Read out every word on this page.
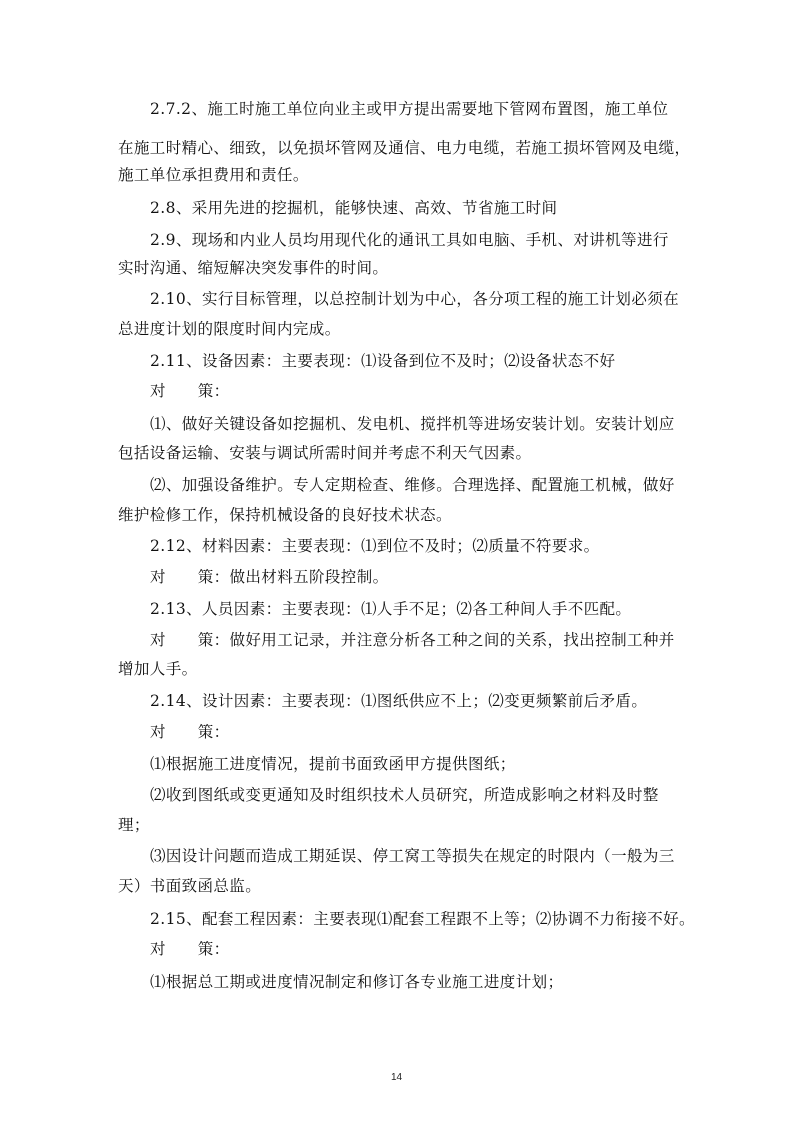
2.7.2、施工时施工单位向业主或甲方提出需要地下管网布置图，施工单位
在施工时精心、细致，以免损坏管网及通信、电力电缆，若施工损坏管网及电缆，
施工单位承担费用和责任。
2.8、采用先进的挖掘机，能够快速、高效、节省施工时间
2.9、现场和内业人员均用现代化的通讯工具如电脑、手机、对讲机等进行
实时沟通、缩短解决突发事件的时间。
2.10、实行目标管理，以总控制计划为中心，各分项工程的施工计划必须在
总进度计划的限度时间内完成。
2.11、设备因素：主要表现：⑴设备到位不及时；⑵设备状态不好
对　　策：
⑴、做好关键设备如挖掘机、发电机、搅拌机等进场安装计划。安装计划应
包括设备运输、安装与调试所需时间并考虑不利天气因素。
⑵、加强设备维护。专人定期检查、维修。合理选择、配置施工机械，做好
维护检修工作，保持机械设备的良好技术状态。
2.12、材料因素：主要表现：⑴到位不及时；⑵质量不符要求。
对　　策：做出材料五阶段控制。
2.13、人员因素：主要表现：⑴人手不足；⑵各工种间人手不匹配。
对　　策：做好用工记录，并注意分析各工种之间的关系，找出控制工种并
增加人手。
2.14、设计因素：主要表现：⑴图纸供应不上；⑵变更频繁前后矛盾。
对　　策：
⑴根据施工进度情况，提前书面致函甲方提供图纸；
⑵收到图纸或变更通知及时组织技术人员研究，所造成影响之材料及时整
理；
⑶因设计问题而造成工期延误、停工窝工等损失在规定的时限内（一般为三
天）书面致函总监。
2.15、配套工程因素：主要表现⑴配套工程跟不上等；⑵协调不力衔接不好。
对　　策：
⑴根据总工期或进度情况制定和修订各专业施工进度计划；
14
